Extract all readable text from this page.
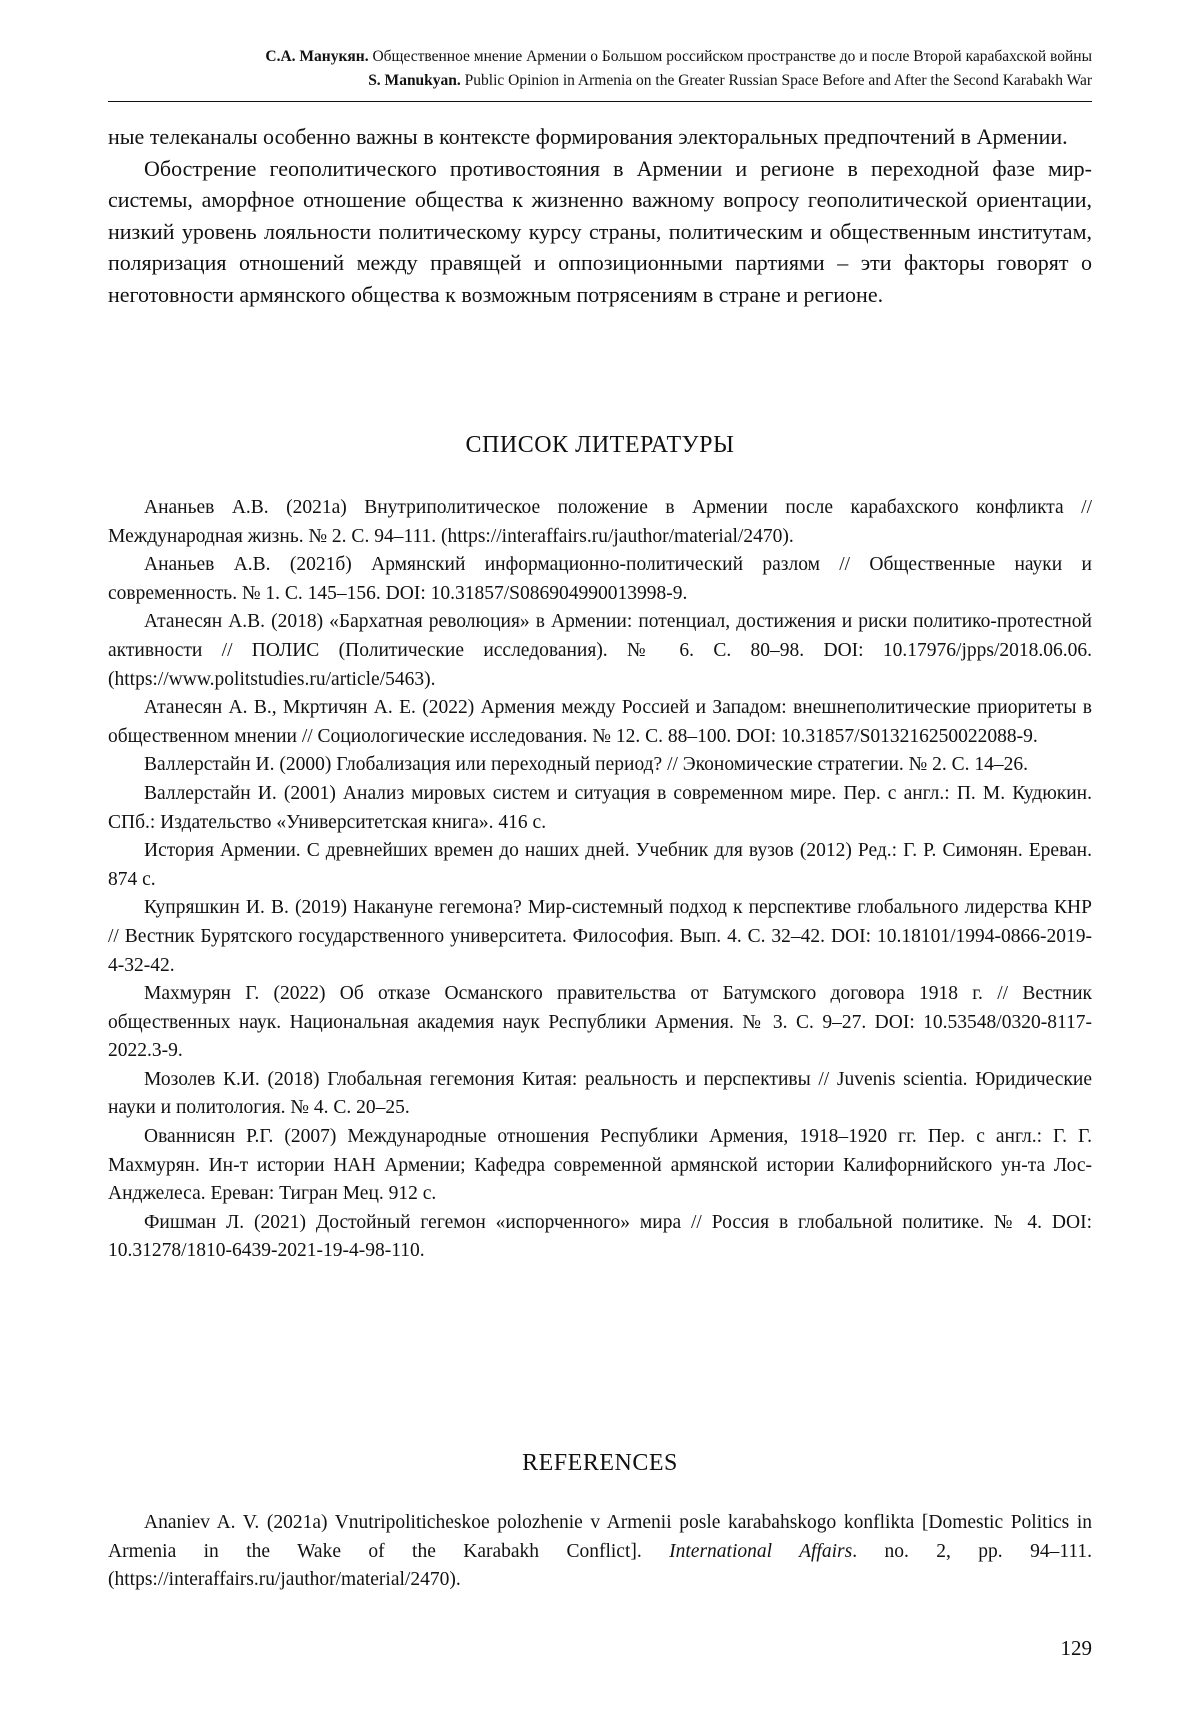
С.А. Манукян. Общественное мнение Армении о Большом российском пространстве до и после Второй карабахской войны
S. Manukyan. Public Opinion in Armenia on the Greater Russian Space Before and After the Second Karabakh War

ные телеканалы особенно важны в контексте формирования электоральных предпочтений в Армении.

Обострение геополитического противостояния в Армении и регионе в переходной фазе мир-системы, аморфное отношение общества к жизненно важному вопросу геополитической ориентации, низкий уровень лояльности политическому курсу страны, политическим и общественным институтам, поляризация отношений между правящей и оппозиционными партиями – эти факторы говорят о неготовности армянского общества к возможным потрясениям в стране и регионе.

СПИСОК ЛИТЕРАТУРЫ

Ананьев А.В. (2021а) Внутриполитическое положение в Армении после карабахского конфликта // Международная жизнь. № 2. С. 94–111. (https://interaffairs.ru/jauthor/material/2470).

Ананьев А.В. (2021б) Армянский информационно-политический разлом // Общественные науки и современность. № 1. С. 145–156. DOI: 10.31857/S086904990013998-9.

Атанесян А.В. (2018) «Бархатная революция» в Армении: потенциал, достижения и риски политико-протестной активности // ПОЛИС (Политические исследования). № 6. С. 80–98. DOI: 10.17976/jpps/2018.06.06. (https://www.politstudies.ru/article/5463).

Атанесян А. В., Мкртичян А. Е. (2022) Армения между Россией и Западом: внешнеполитические приоритеты в общественном мнении // Социологические исследования. № 12. С. 88–100. DOI: 10.31857/S013216250022088-9.

Валлерстайн И. (2000) Глобализация или переходный период? // Экономические стратегии. № 2. С. 14–26.

Валлерстайн И. (2001) Анализ мировых систем и ситуация в современном мире. Пер. с англ.: П. М. Кудюкин. СПб.: Издательство «Университетская книга». 416 с.

История Армении. С древнейших времен до наших дней. Учебник для вузов (2012) Ред.: Г. Р. Симонян. Ереван. 874 с.

Купряшкин И. В. (2019) Накануне гегемона? Мир-системный подход к перспективе глобального лидерства КНР // Вестник Бурятского государственного университета. Философия. Вып. 4. С. 32–42. DOI: 10.18101/1994-0866-2019-4-32-42.

Махмурян Г. (2022) Об отказе Османского правительства от Батумского договора 1918 г. // Вестник общественных наук. Национальная академия наук Республики Армения. № 3. С. 9–27. DOI: 10.53548/0320-8117-2022.3-9.

Мозолев К.И. (2018) Глобальная гегемония Китая: реальность и перспективы // Juvenis scientia. Юридические науки и политология. № 4. С. 20–25.

Ованнисян Р.Г. (2007) Международные отношения Республики Армения, 1918–1920 гг. Пер. с англ.: Г. Г. Махмурян. Ин-т истории НАН Армении; Кафедра современной армянской истории Калифорнийского ун-та Лос-Анджелеса. Ереван: Тигран Мец. 912 с.

Фишман Л. (2021) Достойный гегемон «испорченного» мира // Россия в глобальной политике. № 4. DOI: 10.31278/1810-6439-2021-19-4-98-110.

REFERENCES

Ananiev A. V. (2021a) Vnutripoliticheskoe polozhenie v Armenii posle karabahskogo konflikta [Domestic Politics in Armenia in the Wake of the Karabakh Conflict]. International Affairs. no. 2, pp. 94–111. (https://interaffairs.ru/jauthor/material/2470).

129
